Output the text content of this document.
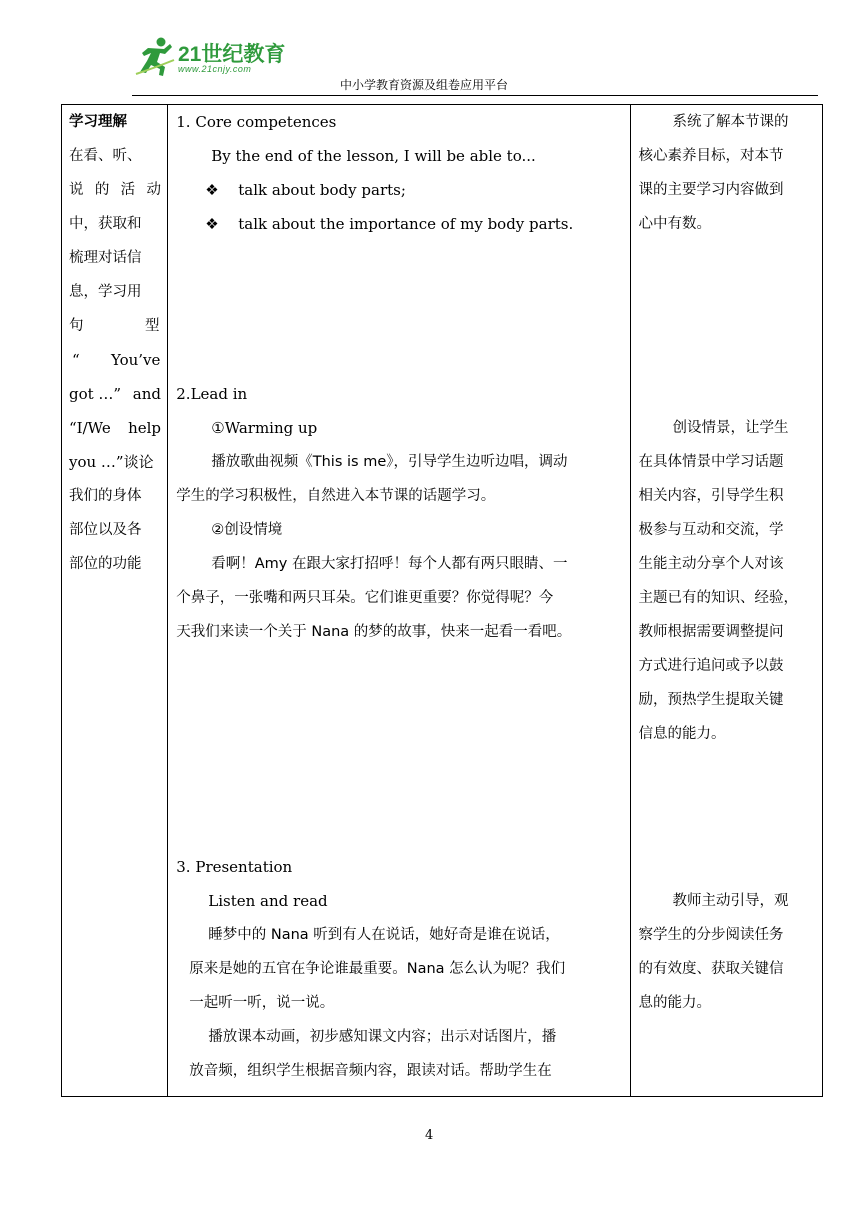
21世纪教育
www.21cnjy.com
中小学教育资源及组卷应用平台
学习理解
在看、听、
说 的 活 动
中，获取和
梳理对话信
息，学习用
句	型
“ You’ve
got …” and
“I/We help
you …”谈论
我们的身体
部位以及各
部位的功能

1. Core competences
By the end of the lesson, I will be able to...
❖ talk about body parts;
❖ talk about the importance of my body parts.
2.Lead in
①Warming up
播放歌曲视频《This is me》，引导学生边听边唱，调动
学生的学习积极性，自然进入本节课的话题学习。
②创设情境
看啊！Amy 在跟大家打招呼！每个人都有两只眼睛、一
个鼻子，一张嘴和两只耳朵。它们谁更重要？你觉得呢？今
天我们来读一个关于 Nana 的梦的故事，快来一起看一看吧。
3. Presentation
Listen and read
睡梦中的 Nana 听到有人在说话，她好奇是谁在说话，
原来是她的五官在争论谁最重要。Nana 怎么认为呢？我们
一起听一听，说一说。
播放课本动画，初步感知课文内容；出示对话图片，播
放音频，组织学生根据音频内容，跟读对话。帮助学生在

系统了解本节课的
核心素养目标，对本节
课的主要学习内容做到
心中有数。
创设情景，让学生
在具体情景中学习话题
相关内容，引导学生积
极参与互动和交流，学
生能主动分享个人对该
主题已有的知识、经验，
教师根据需要调整提问
方式进行追问或予以鼓
励，预热学生提取关键
信息的能力。
教师主动引导，观
察学生的分步阅读任务
的有效度、获取关键信
息的能力。
4
